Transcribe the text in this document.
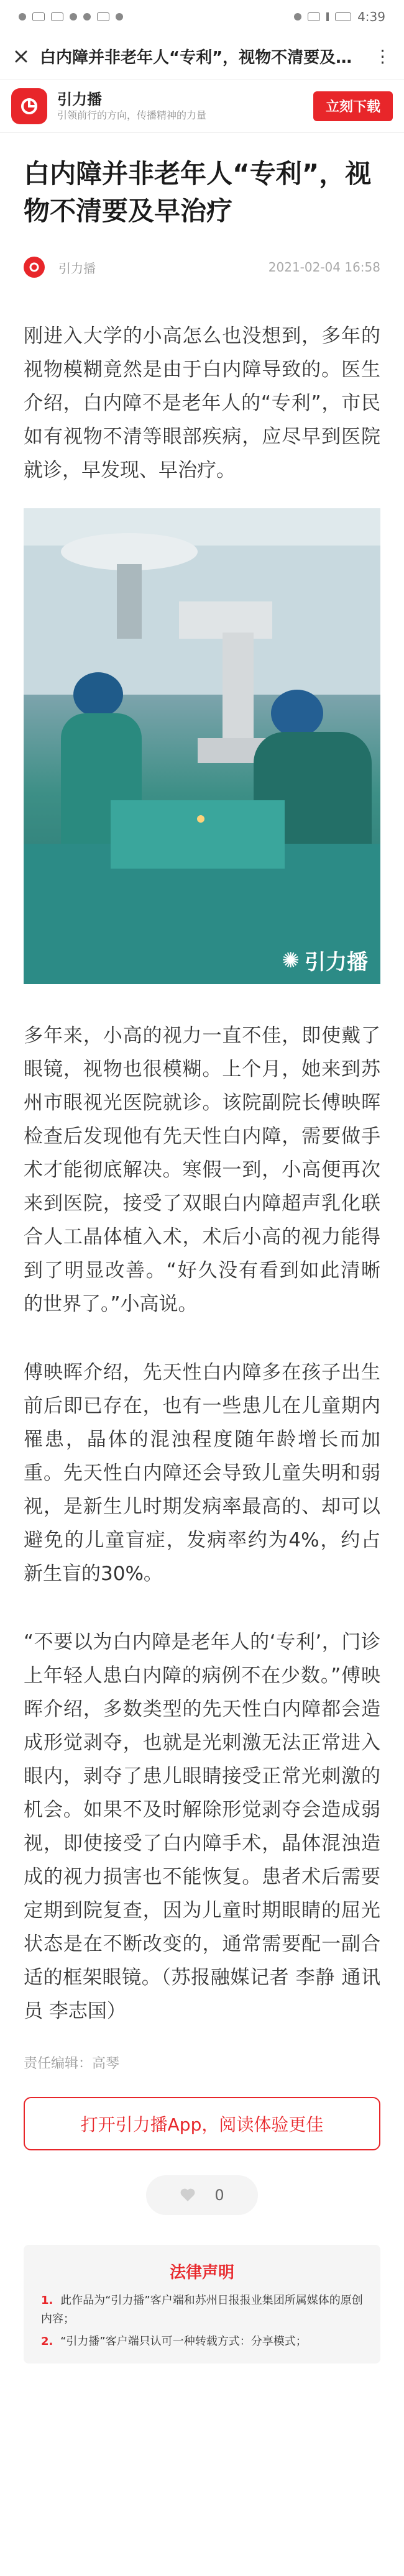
4:39
白内障并非老年人“专利”，视物不清要及…	⋮
引力播
引领前行的方向，传播精神的力量	立刻下载
白内障并非老年人“专利”，视物不清要及早治疗
引力播	2021-02-04 16:58

刚进入大学的小高怎么也没想到，多年的视物模糊竟然是由于白内障导致的。医生介绍，白内障不是老年人的“专利”，市民如有视物不清等眼部疾病，应尽早到医院就诊，早发现、早治疗。

✺ 引力播

多年来，小高的视力一直不佳，即使戴了眼镜，视物也很模糊。上个月，她来到苏州市眼视光医院就诊。该院副院长傅映晖检查后发现他有先天性白内障，需要做手术才能彻底解决。寒假一到，小高便再次来到医院，接受了双眼白内障超声乳化联合人工晶体植入术，术后小高的视力能得到了明显改善。“好久没有看到如此清晰的世界了。”小高说。

傅映晖介绍，先天性白内障多在孩子出生前后即已存在，也有一些患儿在儿童期内罹患，晶体的混浊程度随年龄增长而加重。先天性白内障还会导致儿童失明和弱视，是新生儿时期发病率最高的、却可以避免的儿童盲症，发病率约为4%，约占新生盲的30%。

“不要以为白内障是老年人的‘专利’，门诊上年轻人患白内障的病例不在少数。”傅映晖介绍，多数类型的先天性白内障都会造成形觉剥夺，也就是光刺激无法正常进入眼内，剥夺了患儿眼睛接受正常光刺激的机会。如果不及时解除形觉剥夺会造成弱视，即使接受了白内障手术，晶体混浊造成的视力损害也不能恢复。患者术后需要定期到院复查，因为儿童时期眼睛的屈光状态是在不断改变的，通常需要配一副合适的框架眼镜。（苏报融媒记者 李静 通讯员 李志国）

责任编辑：高琴
打开引力播App，阅读体验更佳
0
法律声明
1. 此作品为“引力播”客户端和苏州日报报业集团所属媒体的原创内容；
2. “引力播”客户端只认可一种转载方式：分享模式；
